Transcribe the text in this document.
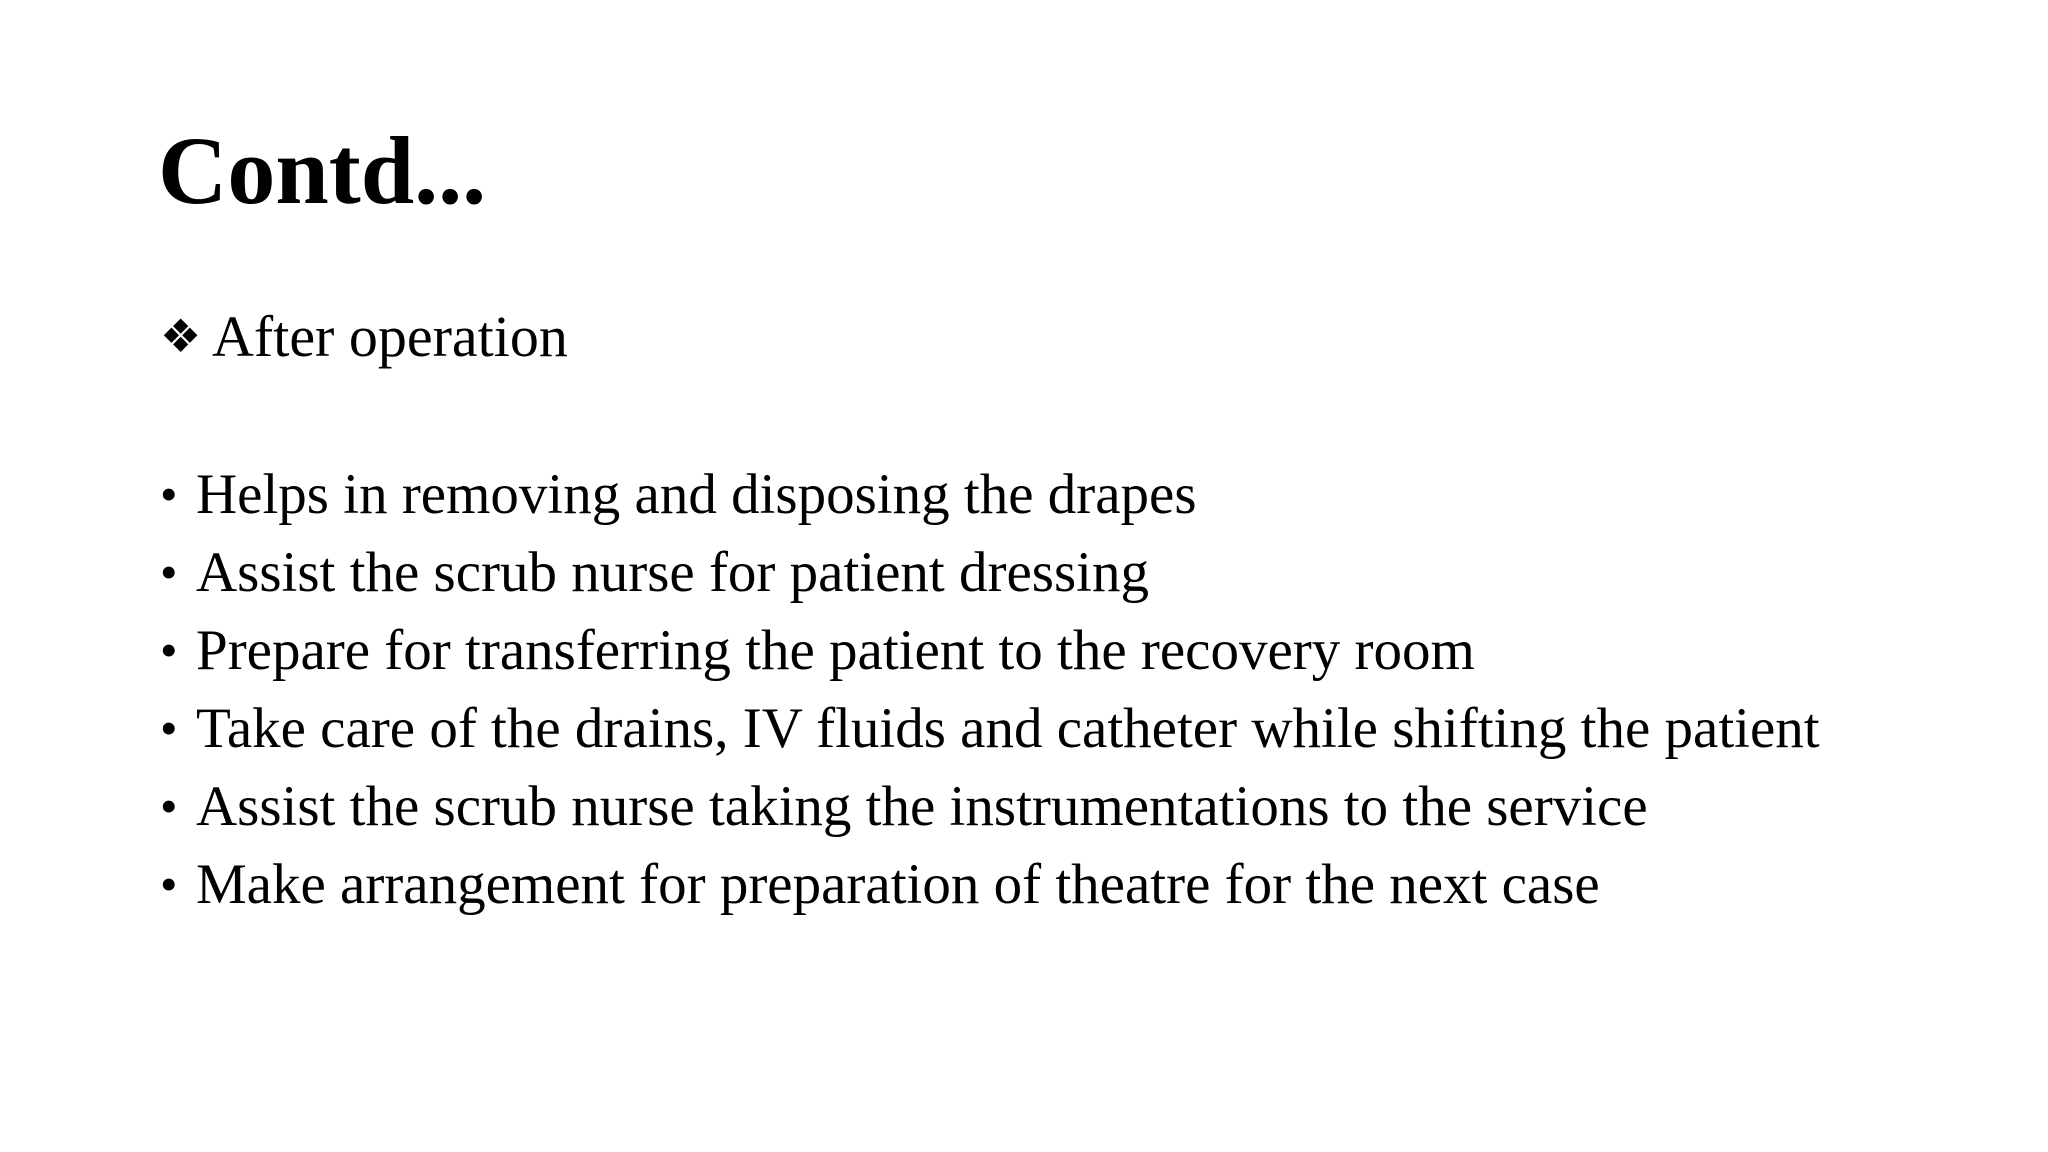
Contd...
❖ After operation
• Helps in removing and disposing the drapes
• Assist the scrub nurse for patient dressing
• Prepare for transferring the patient to the recovery room
• Take care of the drains, IV fluids and catheter while shifting the patient
• Assist the scrub nurse taking the instrumentations to the service
• Make arrangement for preparation of theatre for the next case
